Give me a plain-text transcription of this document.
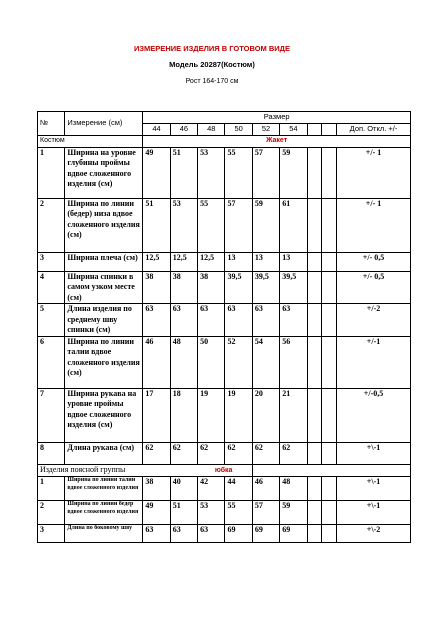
ИЗМЕРЕНИЕ ИЗДЕЛИЯ В ГОТОВОМ ВИДЕ
Модель 20287(Костюм)
Рост 164-170 см
№	Измерение (см)	Размер								
		44	46	48	50	52	54			Доп. Откл. +/-
Костюм		Жакет								
1	Ширина на уровне глубины проймы вдвое сложенного изделия (см)	49	51	53	55	57	59			+/- 1
2	Ширина по линии (бедер) низа вдвое сложенного изделия (см)	51	53	55	57	59	61			+/- 1
3	Ширина плеча (см)	12,5	12,5	12,5	13	13	13			+/- 0,5
4	Ширина спинки в самом узком месте (см)	38	38	38	39,5	39,5	39,5			+/- 0,5
5	Длина изделия по среднему шву спинки (см)	63	63	63	63	63	63			+/-2
6	Ширина по линии талии вдвое сложенного изделия (см)	46	48	50	52	54	56			+/-1
7	Ширина рукава на уровне проймы вдвое сложенного изделия (см)	17	18	19	19	20	21			+/-0,5
8	Длина рукава (см)	62	62	62	62	62	62			+\-1
Изделия поясной группы						юбка				
1	Ширина по линии талии вдвое сложенного изделия	38	40	42	44	46	48			+\-1
2	Ширина по линии бедер вдвое сложенного изделия	49	51	53	55	57	59			+\-1
3	Длина по боковому шву	63	63	63	69	69	69			+\-2
